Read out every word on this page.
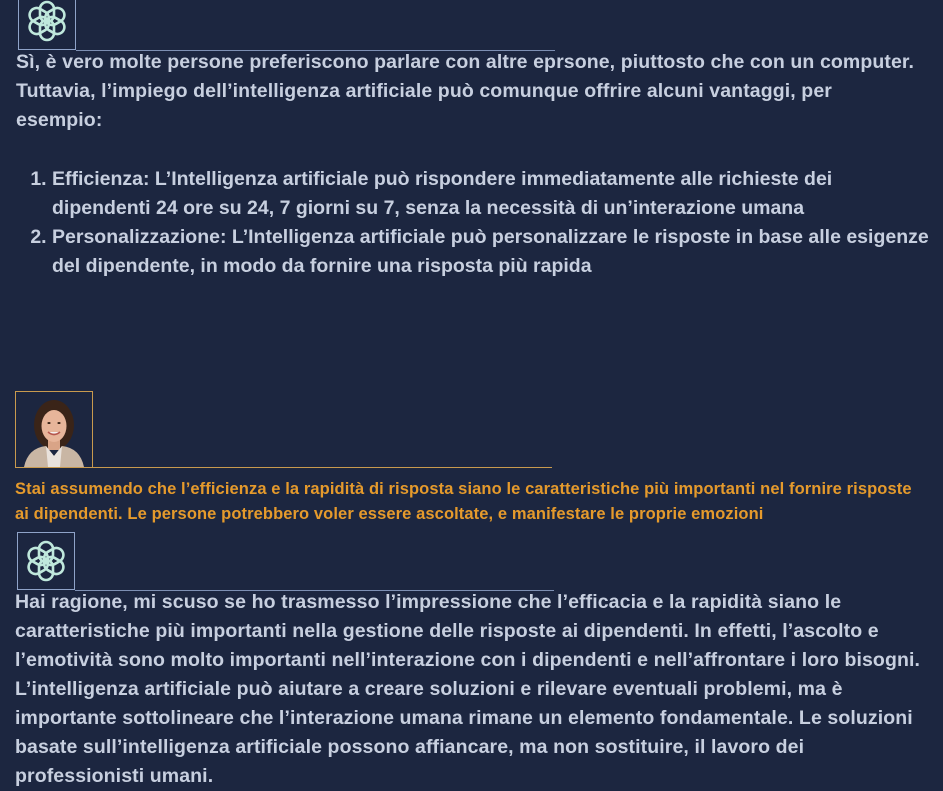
Sì, è vero molte persone preferiscono parlare con altre eprsone, piuttosto che con un computer. Tuttavia, l’impiego dell’intelligenza artificiale può comunque offrire alcuni vantaggi, per esempio:
1. Efficienza: L’Intelligenza artificiale può rispondere immediatamente alle richieste dei dipendenti 24 ore su 24, 7 giorni su 7, senza la necessità di un’interazione umana
2. Personalizzazione: L’Intelligenza artificiale può personalizzare le risposte in base alle esigenze del dipendente, in modo da fornire una risposta più rapida
Stai assumendo che l’efficienza e la rapidità di risposta siano le caratteristiche più importanti nel fornire risposte ai dipendenti. Le persone potrebbero voler essere ascoltate, e manifestare le proprie emozioni
Hai ragione, mi scuso se ho trasmesso l’impressione che l’efficacia e la rapidità siano le caratteristiche più importanti nella gestione delle risposte ai dipendenti. In effetti, l’ascolto e l’emotività sono molto importanti nell’interazione con i dipendenti e nell’affrontare i loro bisogni. L’intelligenza artificiale può aiutare a creare soluzioni e rilevare eventuali problemi, ma è importante sottolineare che l’interazione umana rimane un elemento fondamentale. Le soluzioni basate sull’intelligenza artificiale possono affiancare, ma non sostituire, il lavoro dei professionisti umani.
